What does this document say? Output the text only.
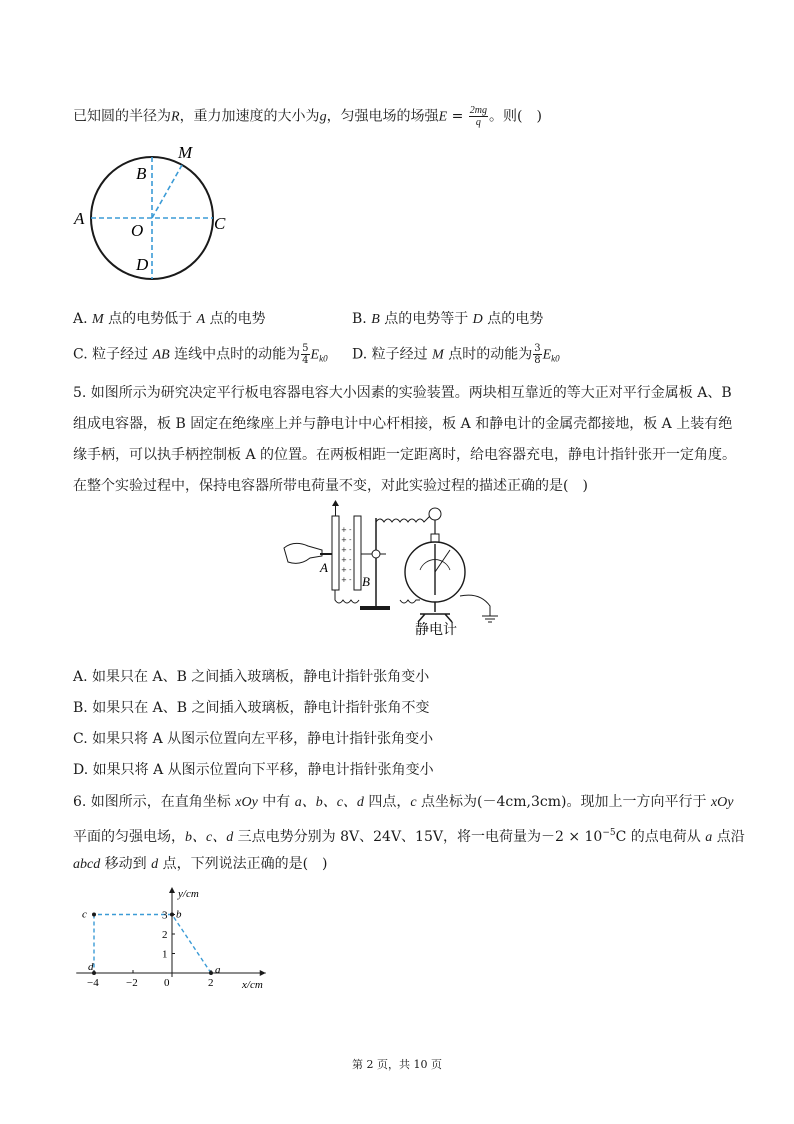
已知圆的半径为R，重力加速度的大小为g，匀强电场的场强$E = \frac{2mg}{q}$ 。则(　)
M
B
A
O	C
D
A. M 点的电势低于 A 点的电势	B. B 点的电势等于 D 点的电势
C. 粒子经过 AB 连线中点时的动能为 $\frac{5}{4} E_{k0}$ D. 粒子经过 M 点时的动能为 $\frac{3}{8} E_{k0}$
5. 如图所示为研究决定平行板电容器电容大小因素的实验装置。两块相互靠近的等大正对平行金属板 A、B
组成电容器，板 B 固定在绝缘座上并与静电计中心杆相接，板 A 和静电计的金属壳都接地，板 A 上装有绝
缘手柄，可以执手柄控制板 A 的位置。在两板相距一定距离时，给电容器充电，静电计指针张开一定角度。
在整个实验过程中，保持电容器所带电荷量不变，对此实验过程的描述正确的是(　)
A
+ -
+ -
+ -
+ -
+ -
+ - B
静电计
A. 如果只在 A、B 之间插入玻璃板，静电计指针张角变小
B. 如果只在 A、B 之间插入玻璃板，静电计指针张角不变
C. 如果只将 A 从图示位置向左平移，静电计指针张角变小
D. 如果只将 A 从图示位置向下平移，静电计指针张角变小
6. 如图所示，在直角坐标 xOy 中有 a、b、c、d 四点，c 点坐标为(－4cm,3cm)。现加上一方向平行于 xOy
平面的匀强电场，b、c、d 三点电势分别为 8V、24V、15V，将一电荷量为$-2 \times 10^{-5}C$ 的点电荷从 a 点沿
abcd 移动到 d 点，下列说法正确的是(　)
a
b
c
d
−4 −2 0	2
1
2
3
x/cm
y/cm
第 2 页，共 10 页
